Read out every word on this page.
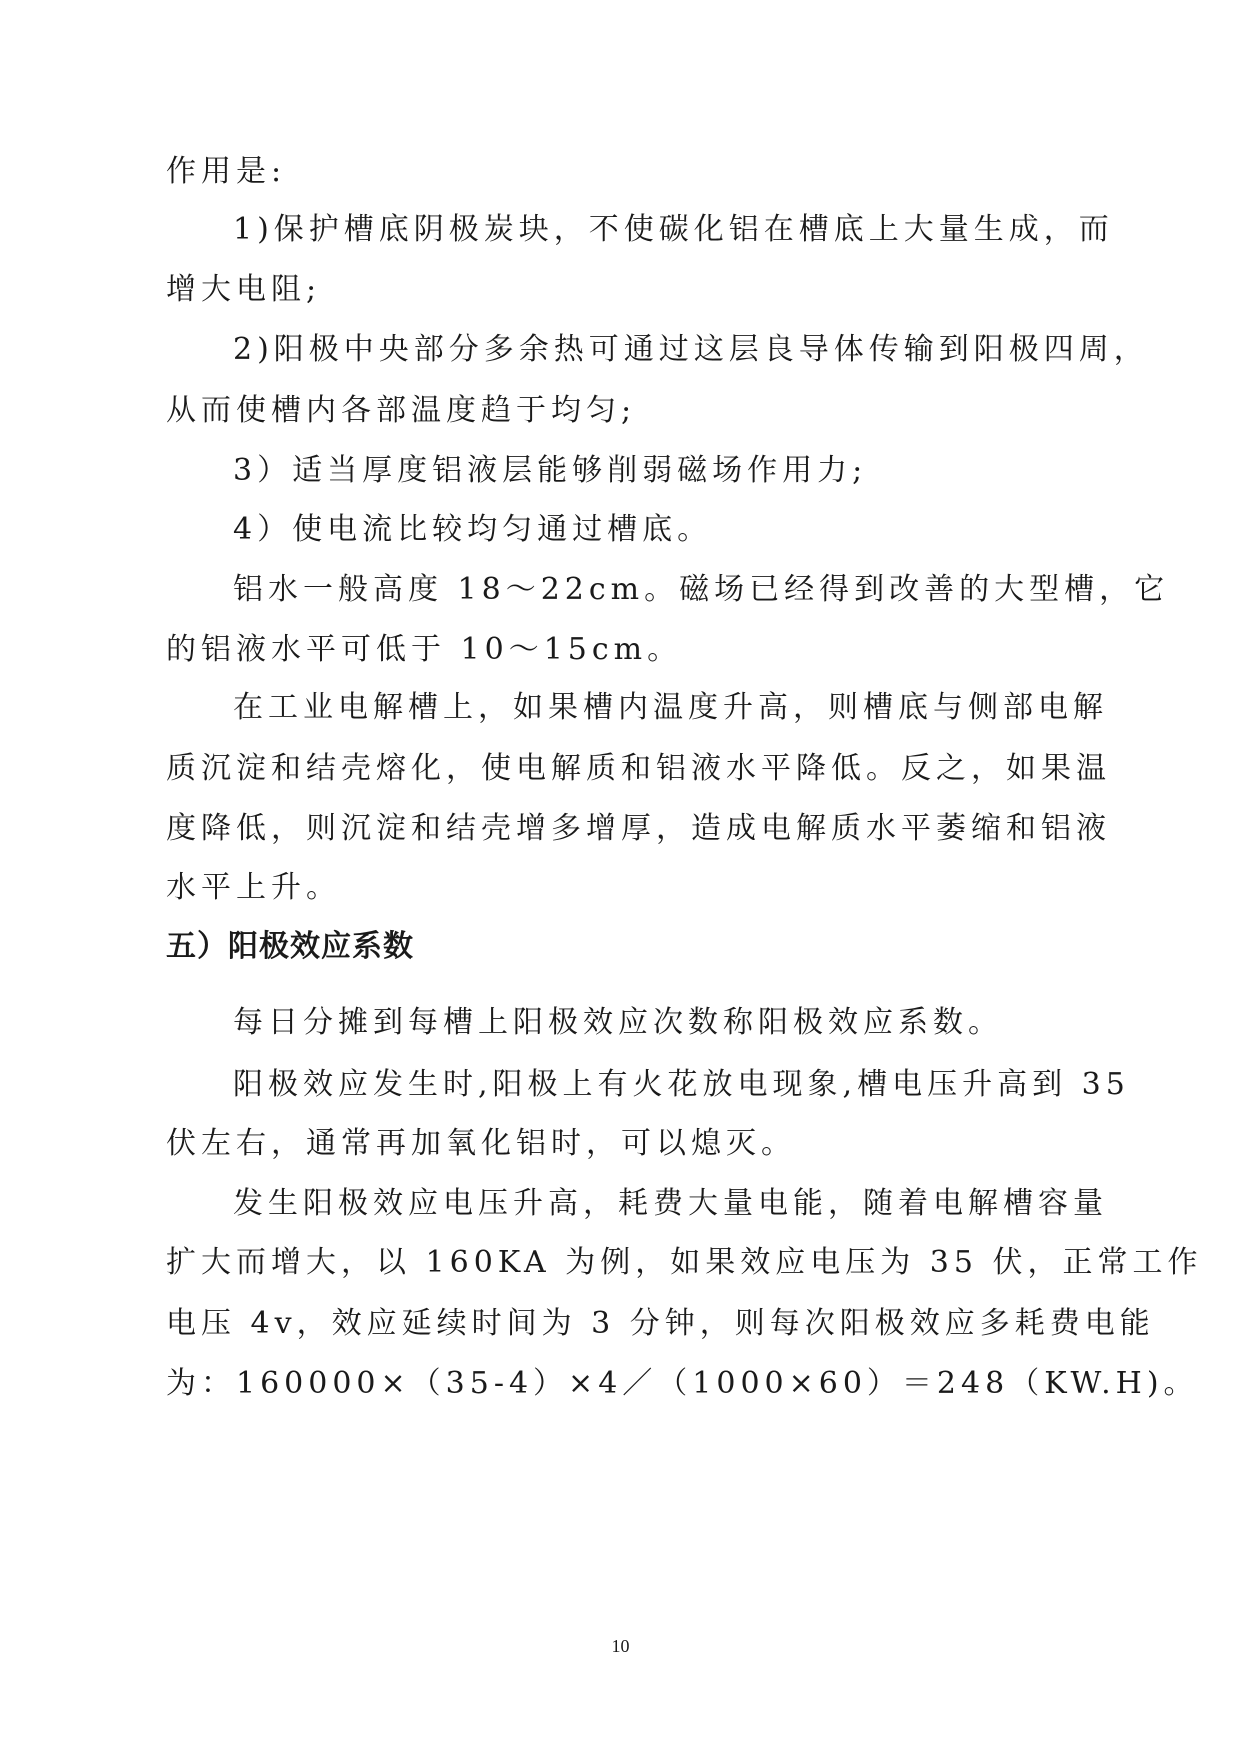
作用是:
1)保护槽底阴极炭块，不使碳化铝在槽底上大量生成，而
增大电阻;
2)阳极中央部分多余热可通过这层良导体传输到阳极四周，
从而使槽内各部温度趋于均匀;
3）适当厚度铝液层能够削弱磁场作用力;
4）使电流比较均匀通过槽底。
铝水一般高度 18～22cm。磁场已经得到改善的大型槽，它
的铝液水平可低于 10～15cm。
在工业电解槽上，如果槽内温度升高，则槽底与侧部电解
质沉淀和结壳熔化，使电解质和铝液水平降低。反之，如果温
度降低，则沉淀和结壳增多增厚，造成电解质水平萎缩和铝液
水平上升。
五）阳极效应系数
每日分摊到每槽上阳极效应次数称阳极效应系数。
阳极效应发生时,阳极上有火花放电现象,槽电压升高到 35
伏左右，通常再加氧化铝时，可以熄灭。
发生阳极效应电压升高，耗费大量电能，随着电解槽容量
扩大而增大，以 160KA 为例，如果效应电压为 35 伏，正常工作
电压 4v，效应延续时间为 3 分钟，则每次阳极效应多耗费电能
为：160000×（35-4）×4／（1000×60）＝248（KW.H)。
10
